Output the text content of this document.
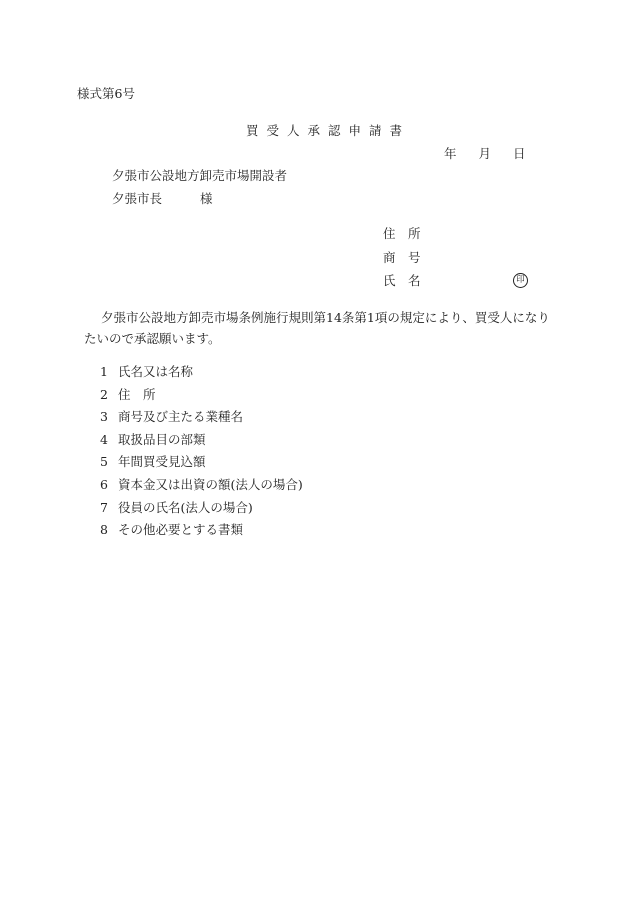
様式第6号
買受人承認申請書
年 月 日
夕張市公設地方卸売市場開設者
夕張市長	様
住　所
商　号
氏　名	印
夕張市公設地方卸売市場条例施行規則第14条第1項の規定により、買受人になりたいので承認願います。
1 氏名又は名称
2 住　所
3 商号及び主たる業種名
4 取扱品目の部類
5 年間買受見込額
6 資本金又は出資の額(法人の場合)
7 役員の氏名(法人の場合)
8 その他必要とする書類
